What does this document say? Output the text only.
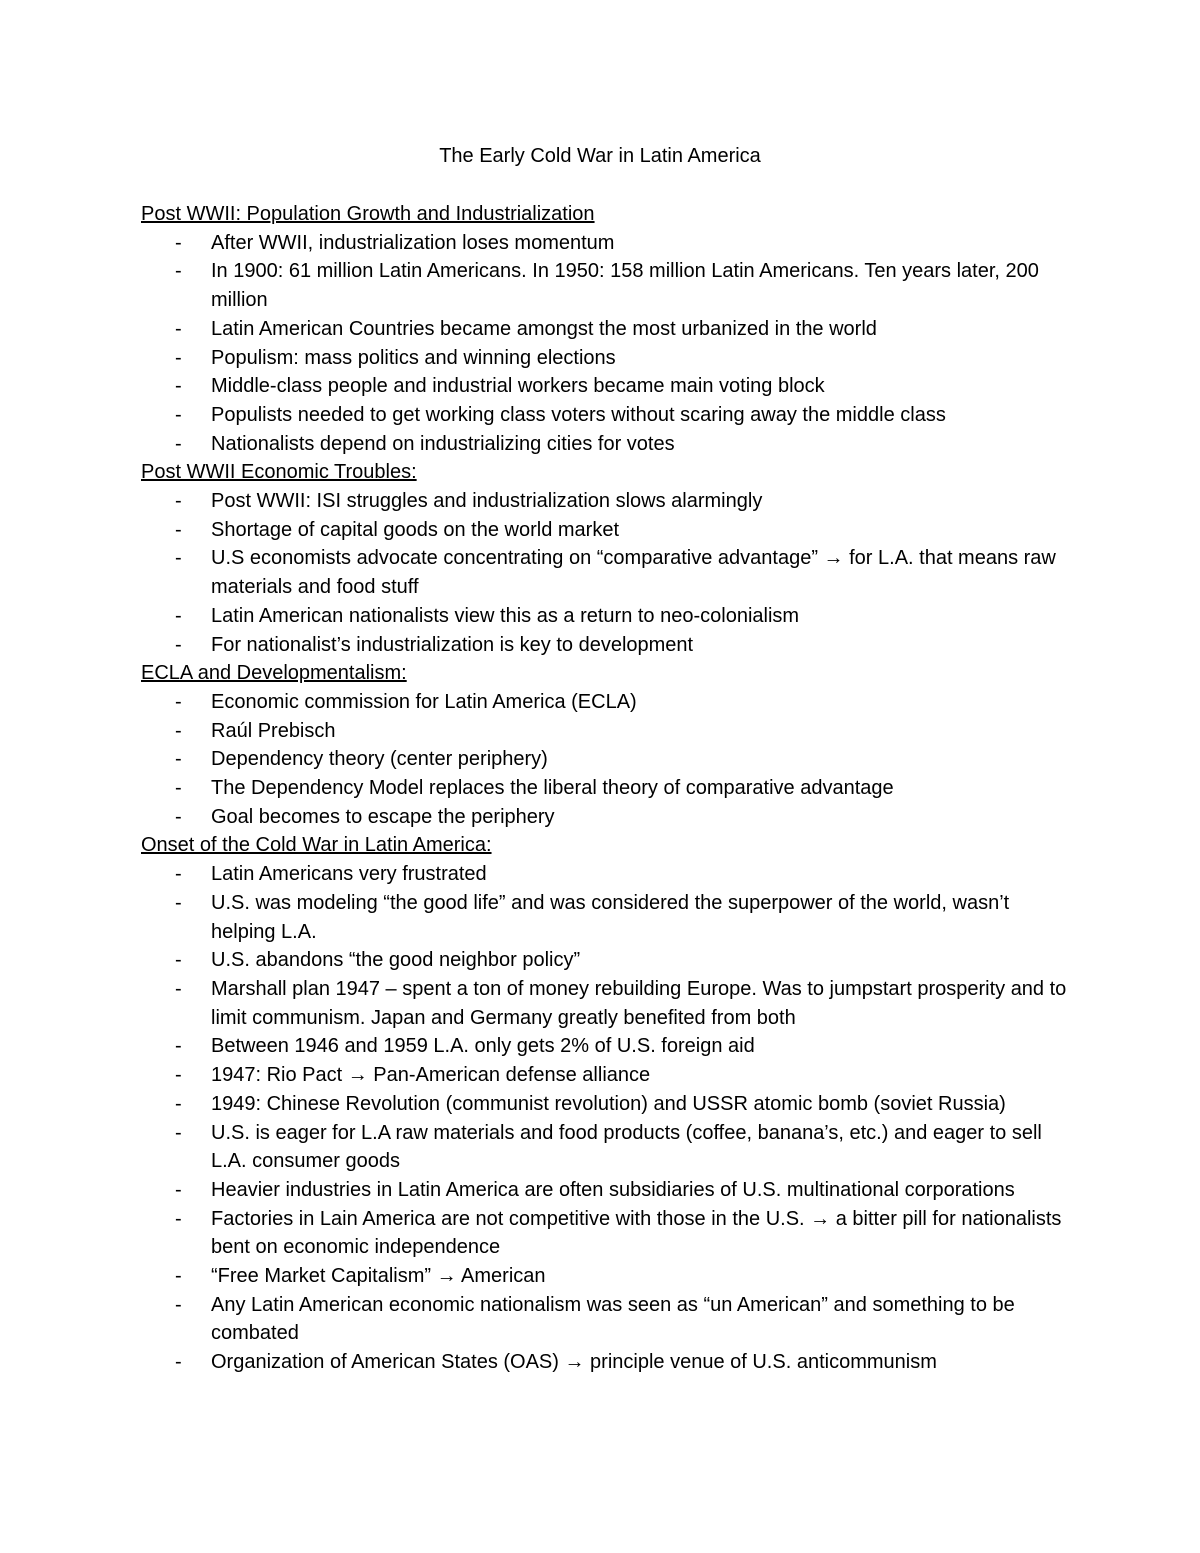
The Early Cold War in Latin America
Post WWII: Population Growth and Industrialization
- After WWII, industrialization loses momentum
- In 1900: 61 million Latin Americans. In 1950: 158 million Latin Americans. Ten years later, 200 million
- Latin American Countries became amongst the most urbanized in the world
- Populism: mass politics and winning elections
- Middle-class people and industrial workers became main voting block
- Populists needed to get working class voters without scaring away the middle class
- Nationalists depend on industrializing cities for votes
Post WWII Economic Troubles:
- Post WWII: ISI struggles and industrialization slows alarmingly
- Shortage of capital goods on the world market
- U.S economists advocate concentrating on “comparative advantage” → for L.A. that means raw materials and food stuff
- Latin American nationalists view this as a return to neo-colonialism
- For nationalist’s industrialization is key to development
ECLA and Developmentalism:
- Economic commission for Latin America (ECLA)
- Raúl Prebisch
- Dependency theory (center periphery)
- The Dependency Model replaces the liberal theory of comparative advantage
- Goal becomes to escape the periphery
Onset of the Cold War in Latin America:
- Latin Americans very frustrated
- U.S. was modeling “the good life” and was considered the superpower of the world, wasn’t helping L.A.
- U.S. abandons “the good neighbor policy”
- Marshall plan 1947 – spent a ton of money rebuilding Europe. Was to jumpstart prosperity and to limit communism. Japan and Germany greatly benefited from both
- Between 1946 and 1959 L.A. only gets 2% of U.S. foreign aid
- 1947: Rio Pact → Pan-American defense alliance
- 1949: Chinese Revolution (communist revolution) and USSR atomic bomb (soviet Russia)
- U.S. is eager for L.A raw materials and food products (coffee, banana’s, etc.) and eager to sell L.A. consumer goods
- Heavier industries in Latin America are often subsidiaries of U.S. multinational corporations
- Factories in Lain America are not competitive with those in the U.S. → a bitter pill for nationalists bent on economic independence
- “Free Market Capitalism” → American
- Any Latin American economic nationalism was seen as “un American” and something to be combated
- Organization of American States (OAS) → principle venue of U.S. anticommunism
